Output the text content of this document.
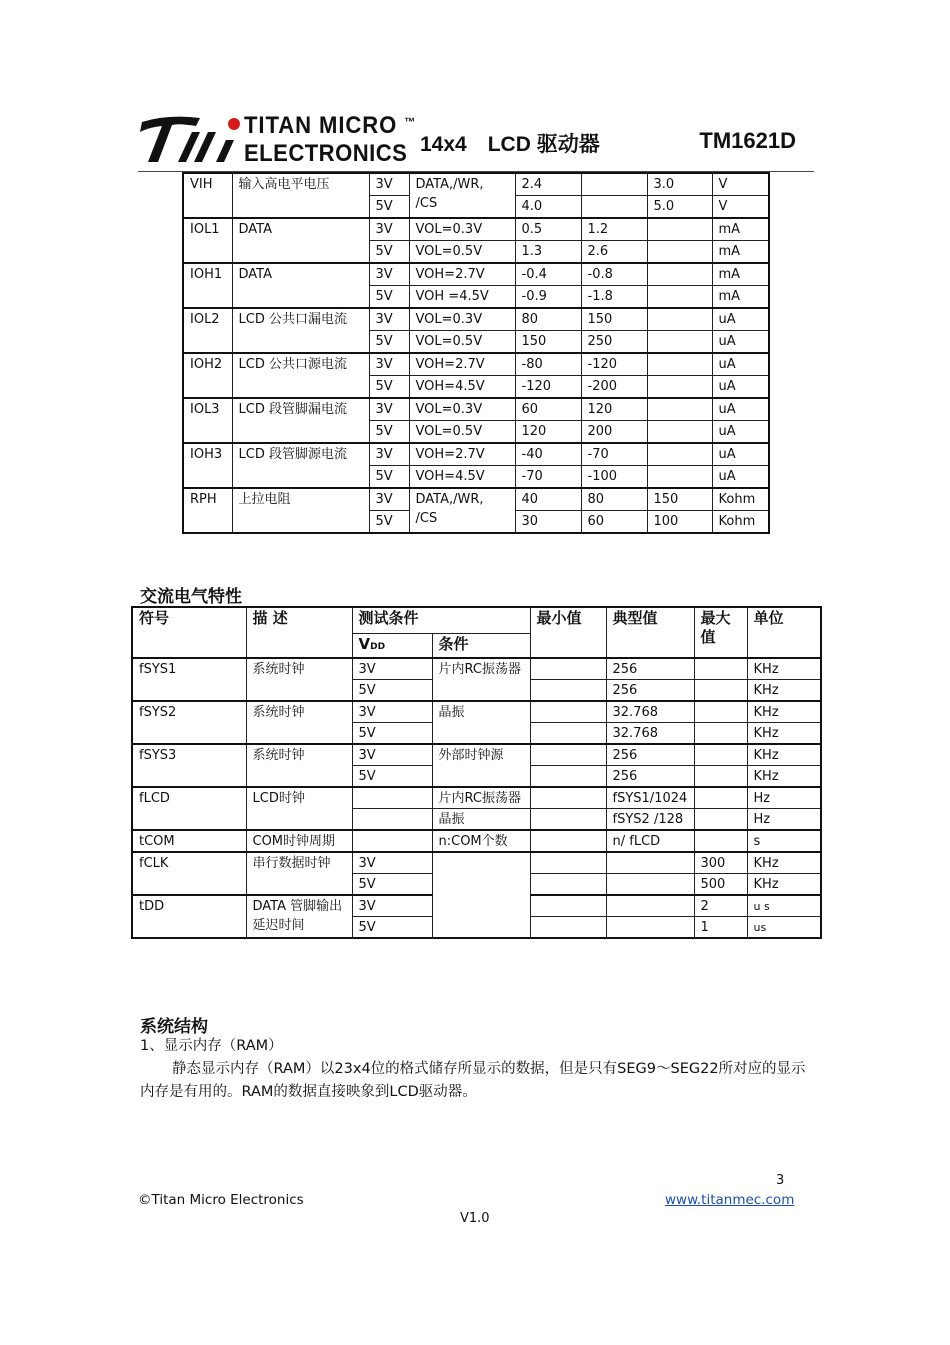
TITAN MICRO ™
ELECTRONICS 14x4　LCD 驱动器	TM1621D
VIH	输入高电平电压	3V	DATA,/WR, /CS	2.4		3.0	V
		5V		4.0		5.0	V
IOL1	DATA	3V	VOL=0.3V	0.5	1.2		mA
		5V	VOL=0.5V	1.3	2.6		mA
IOH1	DATA	3V	VOH=2.7V	-0.4	-0.8		mA
		5V	VOH =4.5V	-0.9	-1.8		mA
IOL2	LCD 公共口漏电流	3V	VOL=0.3V	80	150		uA
		5V	VOL=0.5V	150	250		uA
IOH2	LCD 公共口源电流	3V	VOH=2.7V	-80	-120		uA
		5V	VOH=4.5V	-120	-200		uA
IOL3	LCD 段管脚漏电流	3V	VOL=0.3V	60	120		uA
		5V	VOL=0.5V	120	200		uA
IOH3	LCD 段管脚源电流	3V	VOH=2.7V	-40	-70		uA
		5V	VOH=4.5V	-70	-100		uA
RPH	上拉电阻	3V	DATA,/WR, /CS	40	80	150	Kohm
		5V		30	60	100	Kohm
交流电气特性
符号	描 述	测试条件		最小值	典型值	最大值	单位
		VDD	条件				
fSYS1	系统时钟	3V	片内RC振荡器		256		KHz
		5V			256		KHz
fSYS2	系统时钟	3V	晶振		32.768		KHz
		5V			32.768		KHz
fSYS3	系统时钟	3V	外部时钟源		256		KHz
		5V			256		KHz
fLCD	LCD时钟		片内RC振荡器		fSYS1/1024		Hz
			晶振		fSYS2 /128		Hz
tCOM	COM时钟周期		n:COM个数		n/ fLCD		s
fCLK	串行数据时钟	3V				300	KHz
		5V				500	KHz
tDD	DATA 管脚输出延迟时间	3V				2	u s
		5V				1	us
系统结构
1、显示内存（RAM）
静态显示内存（RAM）以23x4位的格式储存所显示的数据，但是只有SEG9～SEG22所对应的显示内存是有用的。RAM的数据直接映象到LCD驱动器。
3
©Titan Micro Electronics	www.titanmec.com
V1.0
